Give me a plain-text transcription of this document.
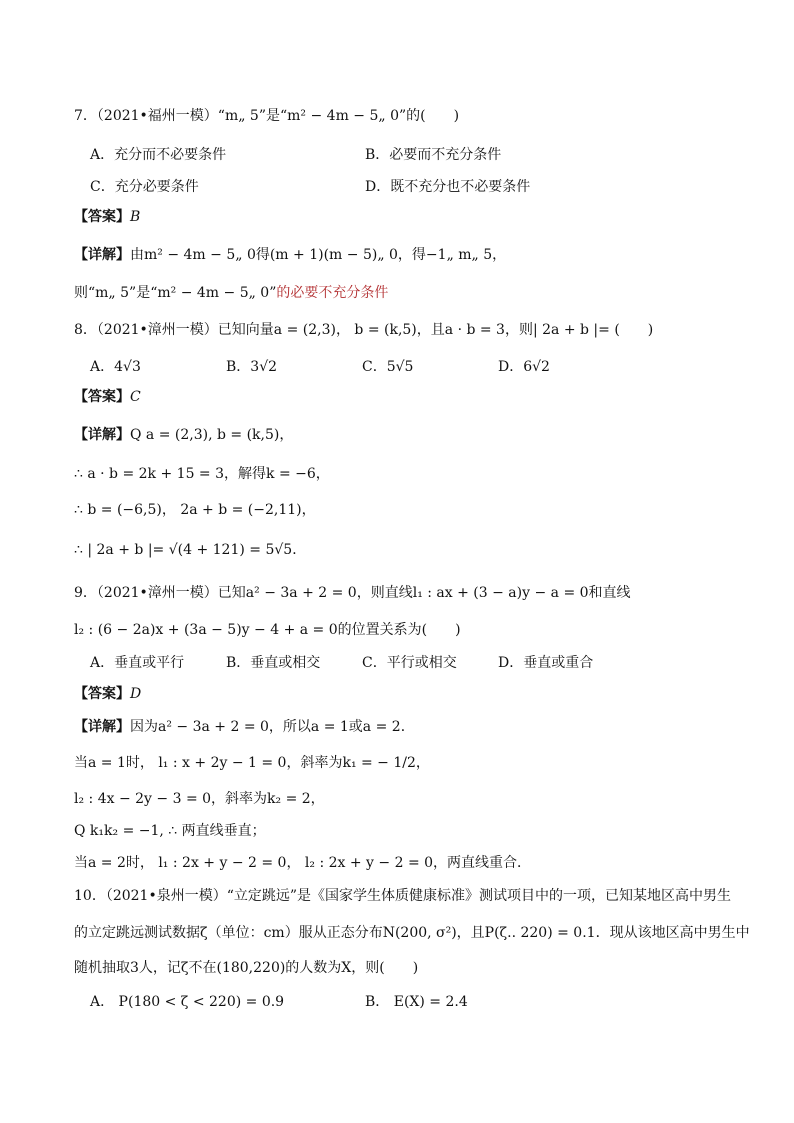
7．（2021•福州一模）“m„ 5”是“m² − 4m − 5„ 0”的(　　)
A．充分而不必要条件	B．必要而不充分条件
C．充分必要条件	D．既不充分也不必要条件
【答案】B
【详解】由m² − 4m − 5„ 0得(m + 1)(m − 5)„ 0，得−1„ m„ 5，
则“m„ 5”是“m² − 4m − 5„ 0”的必要不充分条件
8．（2021•漳州一模）已知向量a = (2,3)， b = (k,5)，且a · b = 3，则| 2a + b |= (　　)
A．4√3	B．3√2	C．5√5	D．6√2
【答案】C
【详解】Q a = (2,3), b = (k,5)，
∴ a · b = 2k + 15 = 3，解得k = −6，
∴ b = (−6,5)， 2a + b = (−2,11)，
∴ | 2a + b |= √(4 + 121) = 5√5．
9．（2021•漳州一模）已知a² − 3a + 2 = 0，则直线l₁ : ax + (3 − a)y − a = 0和直线
l₂ : (6 − 2a)x + (3a − 5)y − 4 + a = 0的位置关系为(　　)
A．垂直或平行	B．垂直或相交	C．平行或相交	D．垂直或重合
【答案】D
【详解】因为a² − 3a + 2 = 0，所以a = 1或a = 2．
当a = 1时， l₁ : x + 2y − 1 = 0，斜率为k₁ = − 1/2，
l₂ : 4x − 2y − 3 = 0，斜率为k₂ = 2，
Q k₁k₂ = −1, ∴ 两直线垂直；
当a = 2时， l₁ : 2x + y − 2 = 0， l₂ : 2x + y − 2 = 0，两直线重合．
10．（2021•泉州一模）“立定跳远”是《国家学生体质健康标准》测试项目中的一项，已知某地区高中男生
的立定跳远测试数据ζ（单位：cm）服从正态分布N(200, σ²)，且P(ζ.. 220) = 0.1．现从该地区高中男生中
随机抽取3人，记ζ不在(180,220)的人数为X，则(　　)
A． P(180 < ζ < 220) = 0.9	B． E(X) = 2.4
